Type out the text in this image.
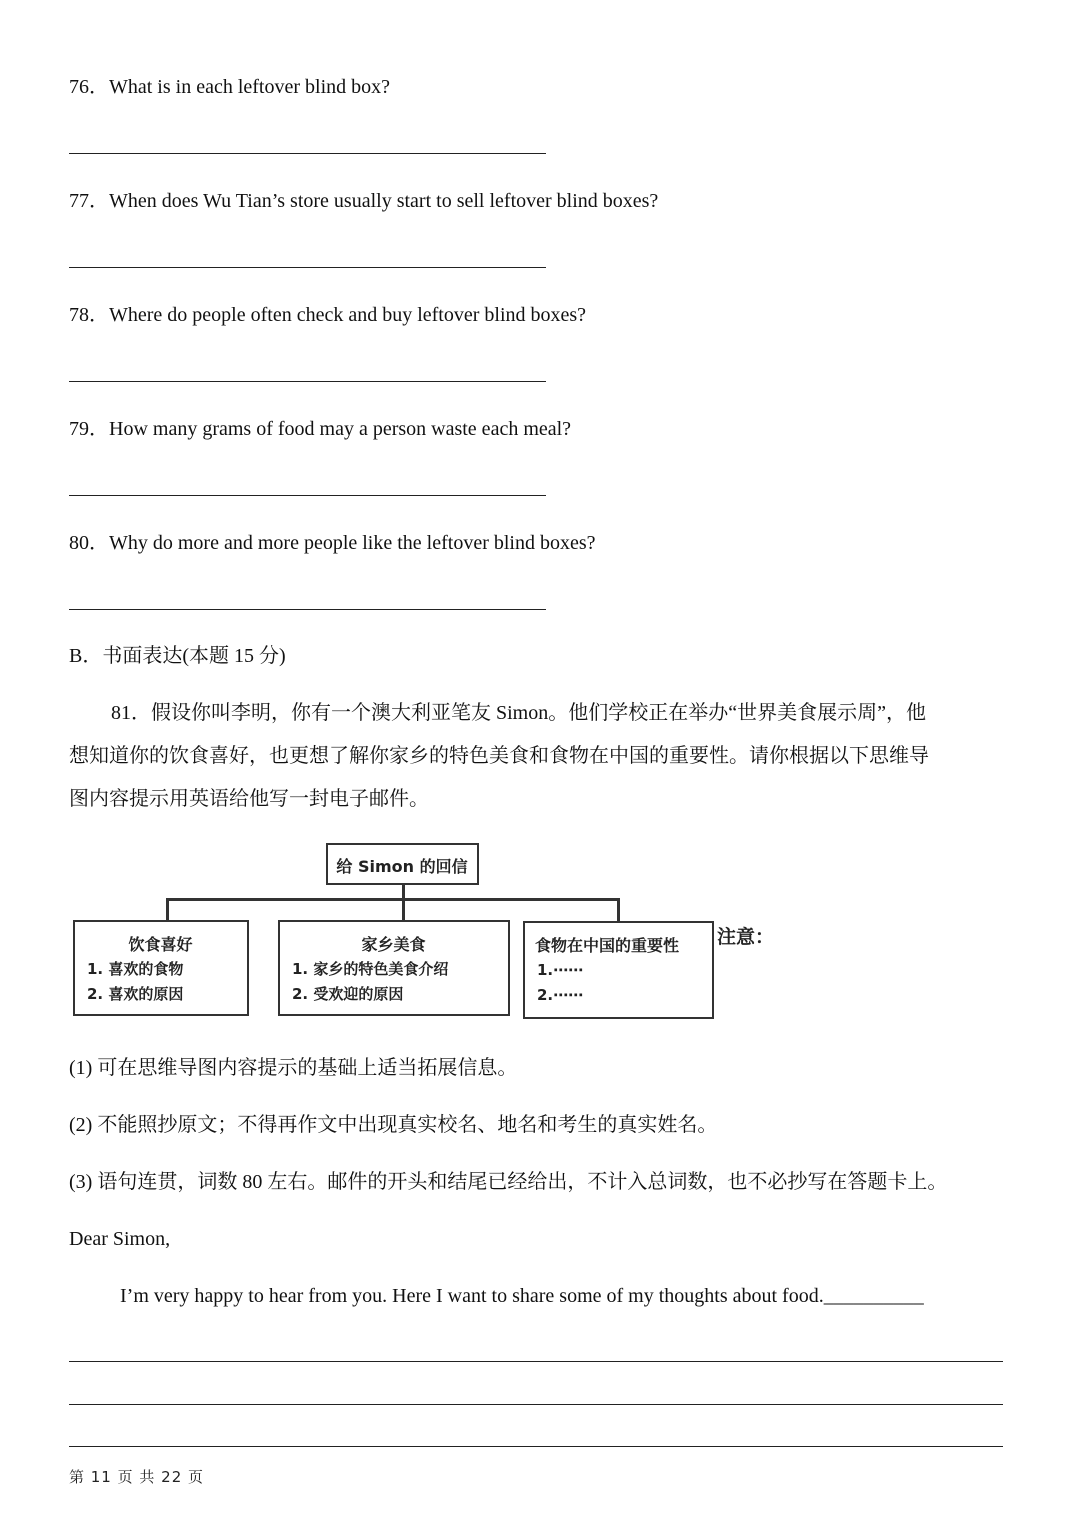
76．What is in each leftover blind box?
77．When does Wu Tian’s store usually start to sell leftover blind boxes?
78．Where do people often check and buy leftover blind boxes?
79．How many grams of food may a person waste each meal?
80．Why do more and more people like the leftover blind boxes?
B．书面表达(本题 15 分)
81．假设你叫李明，你有一个澳大利亚笔友 Simon。他们学校正在举办“世界美食展示周”，他
想知道你的饮食喜好，也更想了解你家乡的特色美食和食物在中国的重要性。请你根据以下思维导
图内容提示用英语给他写一封电子邮件。
给 Simon 的回信
饮食喜好
1. 喜欢的食物
2. 喜欢的原因
家乡美食
1. 家乡的特色美食介绍
2. 受欢迎的原因
食物在中国的重要性
1.⋯⋯
2.⋯⋯
注意：
(1) 可在思维导图内容提示的基础上适当拓展信息。
(2) 不能照抄原文；不得再作文中出现真实校名、地名和考生的真实姓名。
(3) 语句连贯，词数 80 左右。邮件的开头和结尾已经给出，不计入总词数，也不必抄写在答题卡上。
Dear Simon,
I’m very happy to hear from you. Here I want to share some of my thoughts about food.__________
第 11 页 共 22 页
